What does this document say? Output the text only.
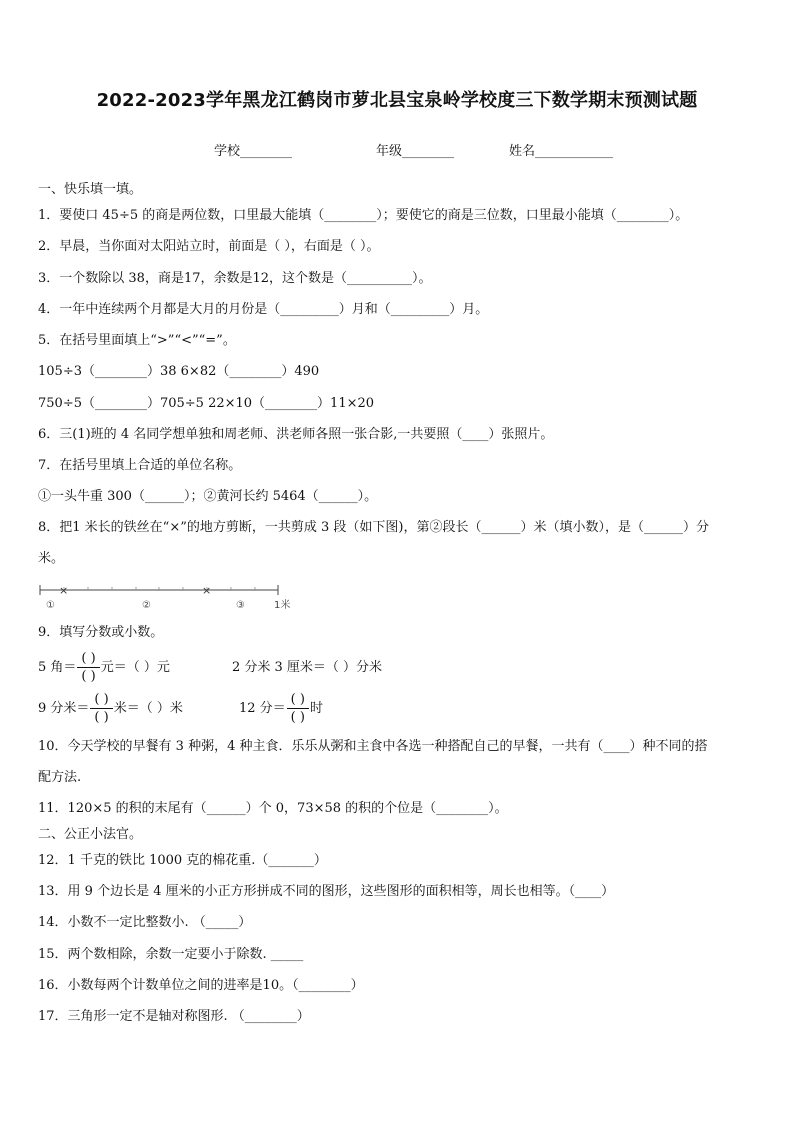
2022-2023学年黑龙江鹤岗市萝北县宝泉岭学校度三下数学期末预测试题
学校________	年级________	姓名____________
一、快乐填一填。
1．要使口 45÷5 的商是两位数，口里最大能填（________）；要使它的商是三位数，口里最小能填（________）。
2．早晨，当你面对太阳站立时，前面是（ ），右面是（ ）。
3．一个数除以 38，商是17，余数是12，这个数是（__________）。
4．一年中连续两个月都是大月的月份是（_________）月和（_________）月。
5．在括号里面填上“>”“<”“=”。
105÷3（________）38 6×82（________）490
750÷5（________）705÷5 22×10（________）11×20
6．三(1)班的 4 名同学想单独和周老师、洪老师各照一张合影,一共要照（____）张照片。
7．在括号里填上合适的单位名称。
①一头牛重 300（______）；②黄河长约 5464（______）。
8．把1 米长的铁丝在“×”的地方剪断，一共剪成 3 段（如下图)，第②段长（______）米（填小数），是（______）分
米。
×	×
①	②	③	1米
9．填写分数或小数。
5 角＝ $\frac{( )}{( )}$ 元＝（ ）元	2 分米 3 厘米＝（ ）分米
9 分米＝ $\frac{( )}{( )}$ 米＝（ ）米	12 分＝ $\frac{( )}{( )}$ 时
10．今天学校的早餐有 3 种粥，4 种主食．乐乐从粥和主食中各选一种搭配自己的早餐，一共有（____）种不同的搭
配方法.
11．120×5 的积的末尾有（______）个 0，73×58 的积的个位是（________）。
二、公正小法官。
12．1 千克的铁比 1000 克的棉花重.（_______）
13．用 9 个边长是 4 厘米的小正方形拼成不同的图形，这些图形的面积相等，周长也相等。（____）
14．小数不一定比整数小. （_____）
15．两个数相除，余数一定要小于除数. _____
16．小数每两个计数单位之间的进率是10。（________）
17．三角形一定不是轴对称图形. （________）
